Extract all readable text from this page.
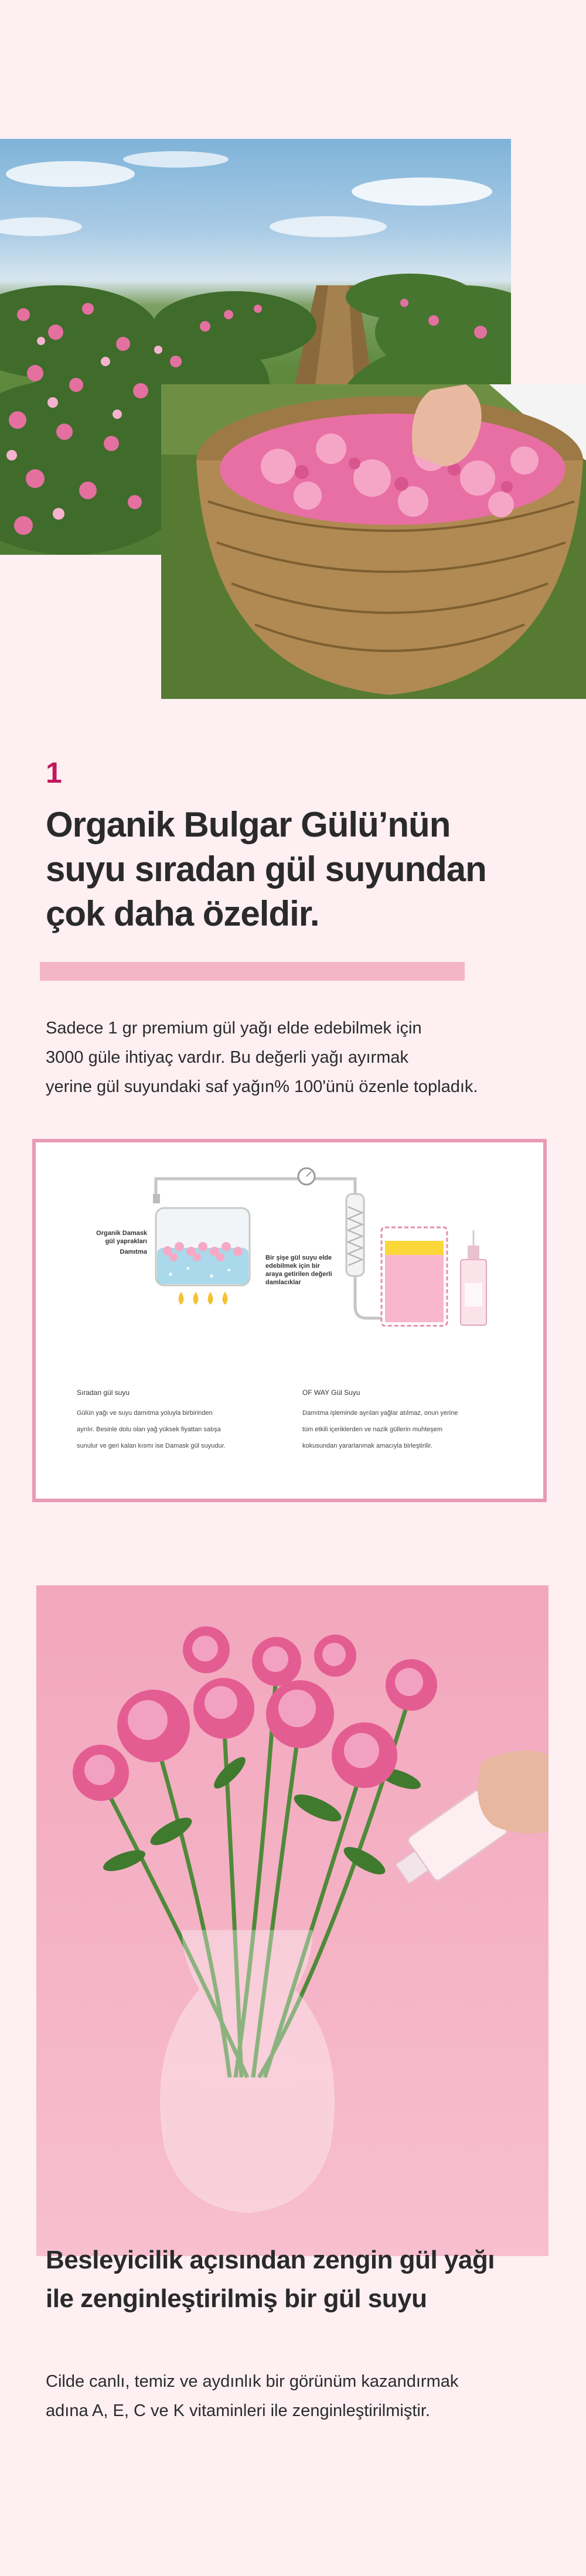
1
Organik Bulgar Gülü’nün
suyu sıradan gül suyundan
çok daha özeldir.
Sadece 1 gr premium gül yağı elde edebilmek için
3000 güle ihtiyaç vardır. Bu değerli yağı ayırmak
yerine gül suyundaki saf yağın% 100'ünü özenle topladık.
Organik Damask
gül yaprakları
Damıtma
Bir şişe gül suyu elde
edebilmek için bir
araya getirilen değerli
damlacıklar
Sıradan gül suyu
Gülün yağı ve suyu damıtma yoluyla birbirinden
ayrılır. Besinle dolu olan yağ yüksek fiyattan satışa
sunulur ve geri kalan kısmı ise Damask gül suyudur.
OF WAY Gül Suyu
Damıtma işleminde ayrılan yağlar atılmaz, onun yerine
tüm etkili içeriklerden ve nazik güllerin muhteşem
kokusundan yararlanmak amacıyla birleştirilir.
Besleyicilik açısından zengin gül yağı
ile zenginleştirilmiş bir gül suyu
Cilde canlı, temiz ve aydınlık bir görünüm kazandırmak
adına A, E, C ve K vitaminleri ile zenginleştirilmiştir.
